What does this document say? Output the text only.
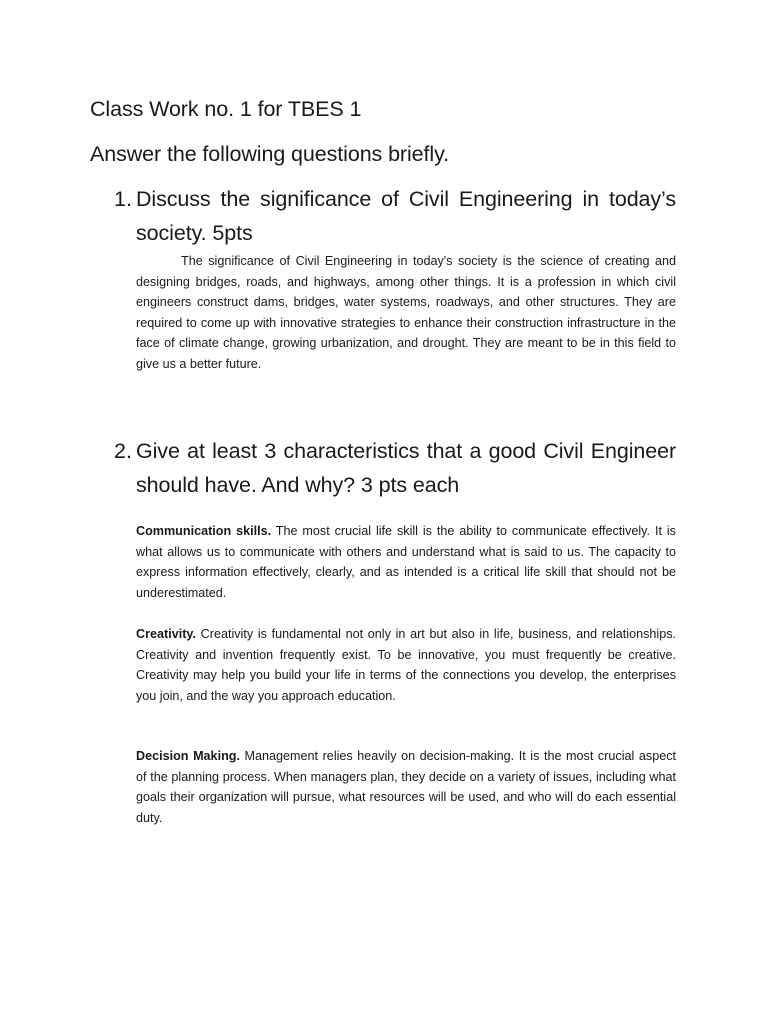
Class Work no. 1 for TBES 1
Answer the following questions briefly.
1. Discuss the significance of Civil Engineering in today’s society. 5pts
The significance of Civil Engineering in today's society is the science of creating and designing bridges, roads, and highways, among other things. It is a profession in which civil engineers construct dams, bridges, water systems, roadways, and other structures. They are required to come up with innovative strategies to enhance their construction infrastructure in the face of climate change, growing urbanization, and drought. They are meant to be in this field to give us a better future.
2. Give at least 3 characteristics that a good Civil Engineer should have. And why? 3 pts each
Communication skills. The most crucial life skill is the ability to communicate effectively. It is what allows us to communicate with others and understand what is said to us. The capacity to express information effectively, clearly, and as intended is a critical life skill that should not be underestimated.
Creativity. Creativity is fundamental not only in art but also in life, business, and relationships. Creativity and invention frequently exist. To be innovative, you must frequently be creative. Creativity may help you build your life in terms of the connections you develop, the enterprises you join, and the way you approach education.
Decision Making. Management relies heavily on decision-making. It is the most crucial aspect of the planning process. When managers plan, they decide on a variety of issues, including what goals their organization will pursue, what resources will be used, and who will do each essential duty.
